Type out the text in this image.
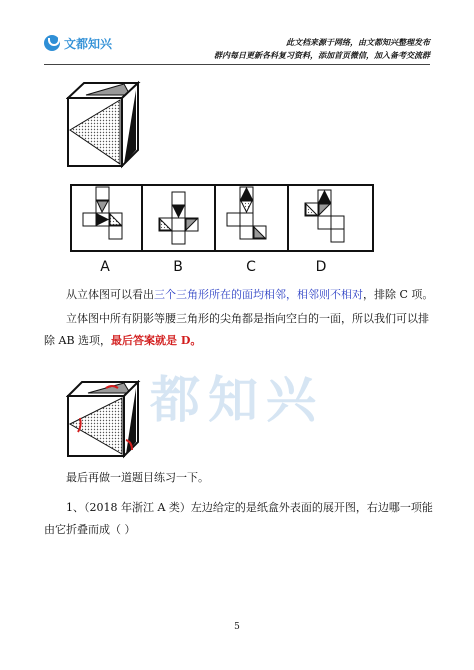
文都知兴	此文档来源于网络，由文都知兴整理发布
群内每日更新各科复习资料，添加首页微信，加入备考交流群
都知兴
A	B	C	D
从立体图可以看出三个三角形所在的面均相邻，相邻则不相对，排除 C 项。
立体图中所有阴影等腰三角形的尖角都是指向空白的一面，所以我们可以排
除 AB 选项，最后答案就是 D。
最后再做一道题目练习一下。
1、（2018 年浙江 A 类）左边给定的是纸盒外表面的展开图，右边哪一项能
由它折叠而成（ ）
5
